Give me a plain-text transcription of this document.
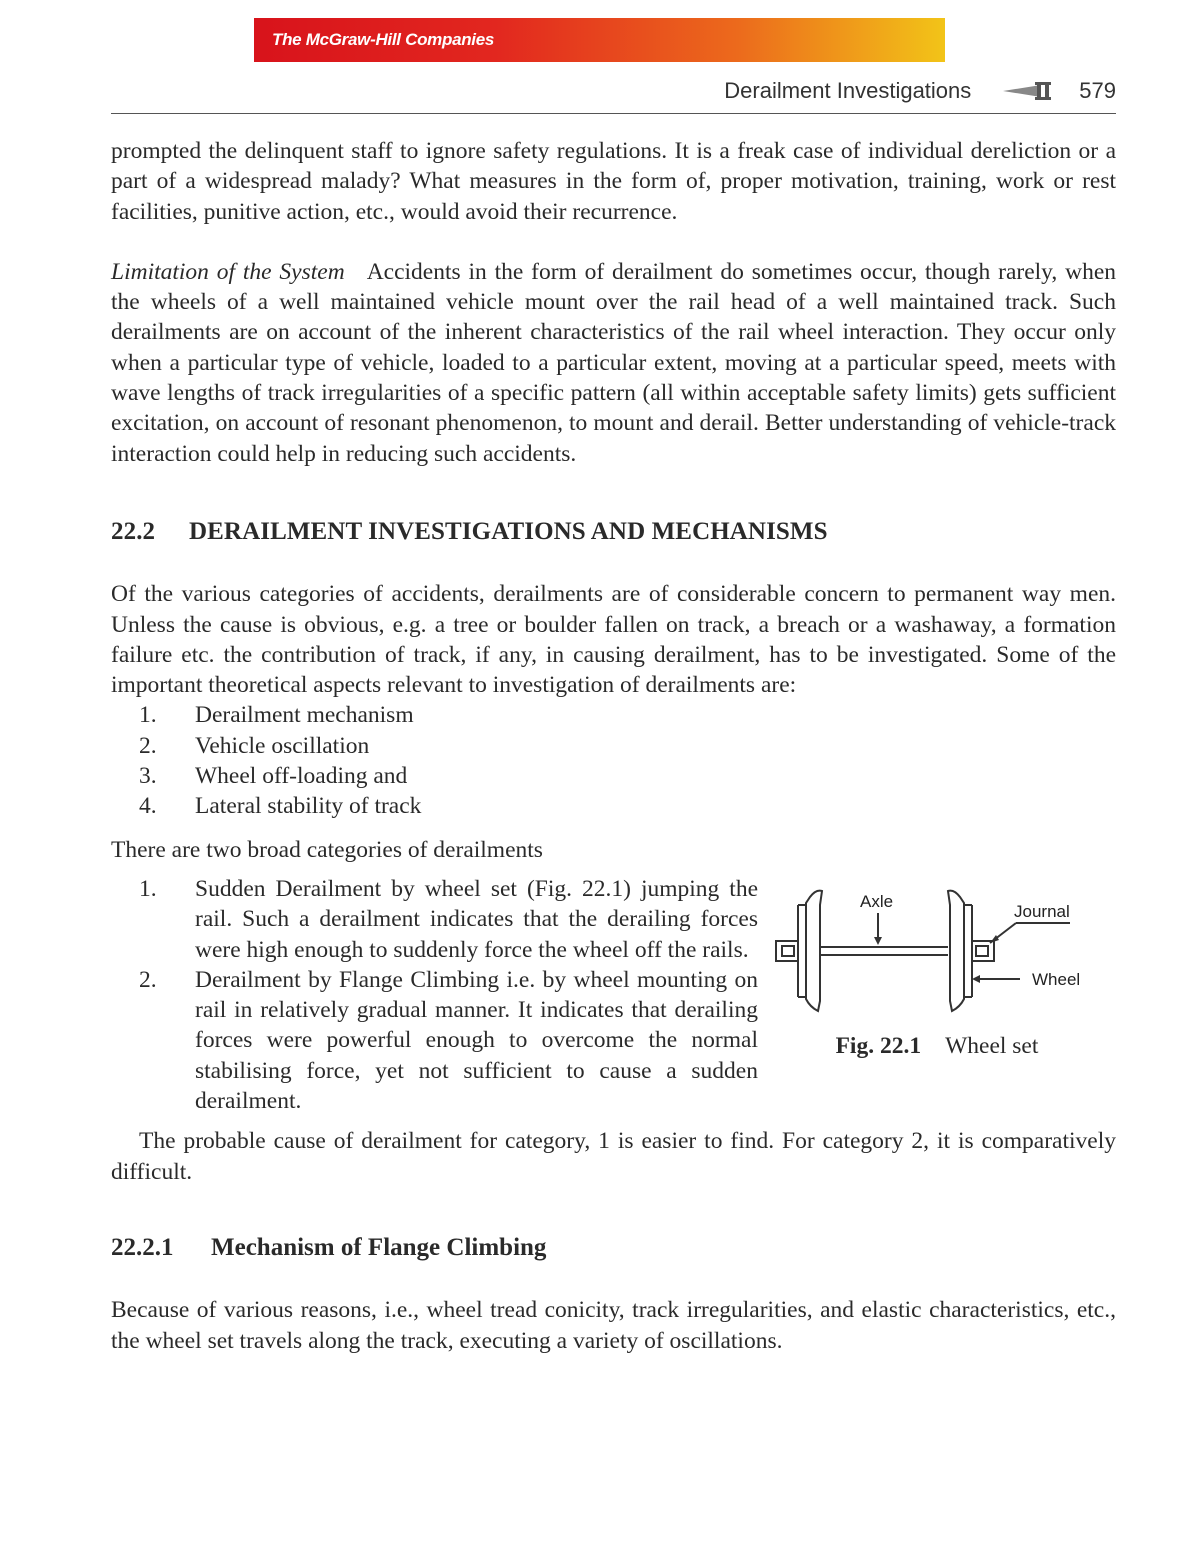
The McGraw-Hill Companies
Derailment Investigations	579

prompted the delinquent staff to ignore safety regulations. It is a freak case of individual dereliction or a part of a widespread malady? What measures in the form of, proper motivation, training, work or rest facilities, punitive action, etc., would avoid their recurrence.

Limitation of the System Accidents in the form of derailment do sometimes occur, though rarely, when the wheels of a well maintained vehicle mount over the rail head of a well maintained track. Such derailments are on account of the inherent characteristics of the rail wheel interaction. They occur only when a particular type of vehicle, loaded to a particular extent, moving at a particular speed, meets with wave lengths of track irregularities of a specific pattern (all within acceptable safety limits) gets sufficient excitation, on account of resonant phenomenon, to mount and derail. Better understanding of vehicle-track interaction could help in reducing such accidents.

22.2 DERAILMENT INVESTIGATIONS AND MECHANISMS

Of the various categories of accidents, derailments are of considerable concern to permanent way men. Unless the cause is obvious, e.g. a tree or boulder fallen on track, a breach or a washaway, a formation failure etc. the contribution of track, if any, in causing derailment, has to be investigated. Some of the important theoretical aspects relevant to investigation of derailments are:

1.	Derailment mechanism
2.	Vehicle oscillation
3.	Wheel off-loading and
4.	Lateral stability of track

There are two broad categories of derailments

1.	Sudden Derailment by wheel set (Fig. 22.1) jumping the rail. Such a derailment indicates that the derailing forces were high enough to suddenly force the wheel off the rails.
2.	Derailment by Flange Climbing i.e. by wheel mounting on rail in relatively gradual manner. It indicates that derailing forces were powerful enough to overcome the normal stabilising force, yet not sufficient to cause a sudden derailment.
Axle
Journal
Wheel
Fig. 22.1 Wheel set

The probable cause of derailment for category, 1 is easier to find. For category 2, it is comparatively difficult.

22.2.1 Mechanism of Flange Climbing

Because of various reasons, i.e., wheel tread conicity, track irregularities, and elastic characteristics, etc., the wheel set travels along the track, executing a variety of oscillations.
